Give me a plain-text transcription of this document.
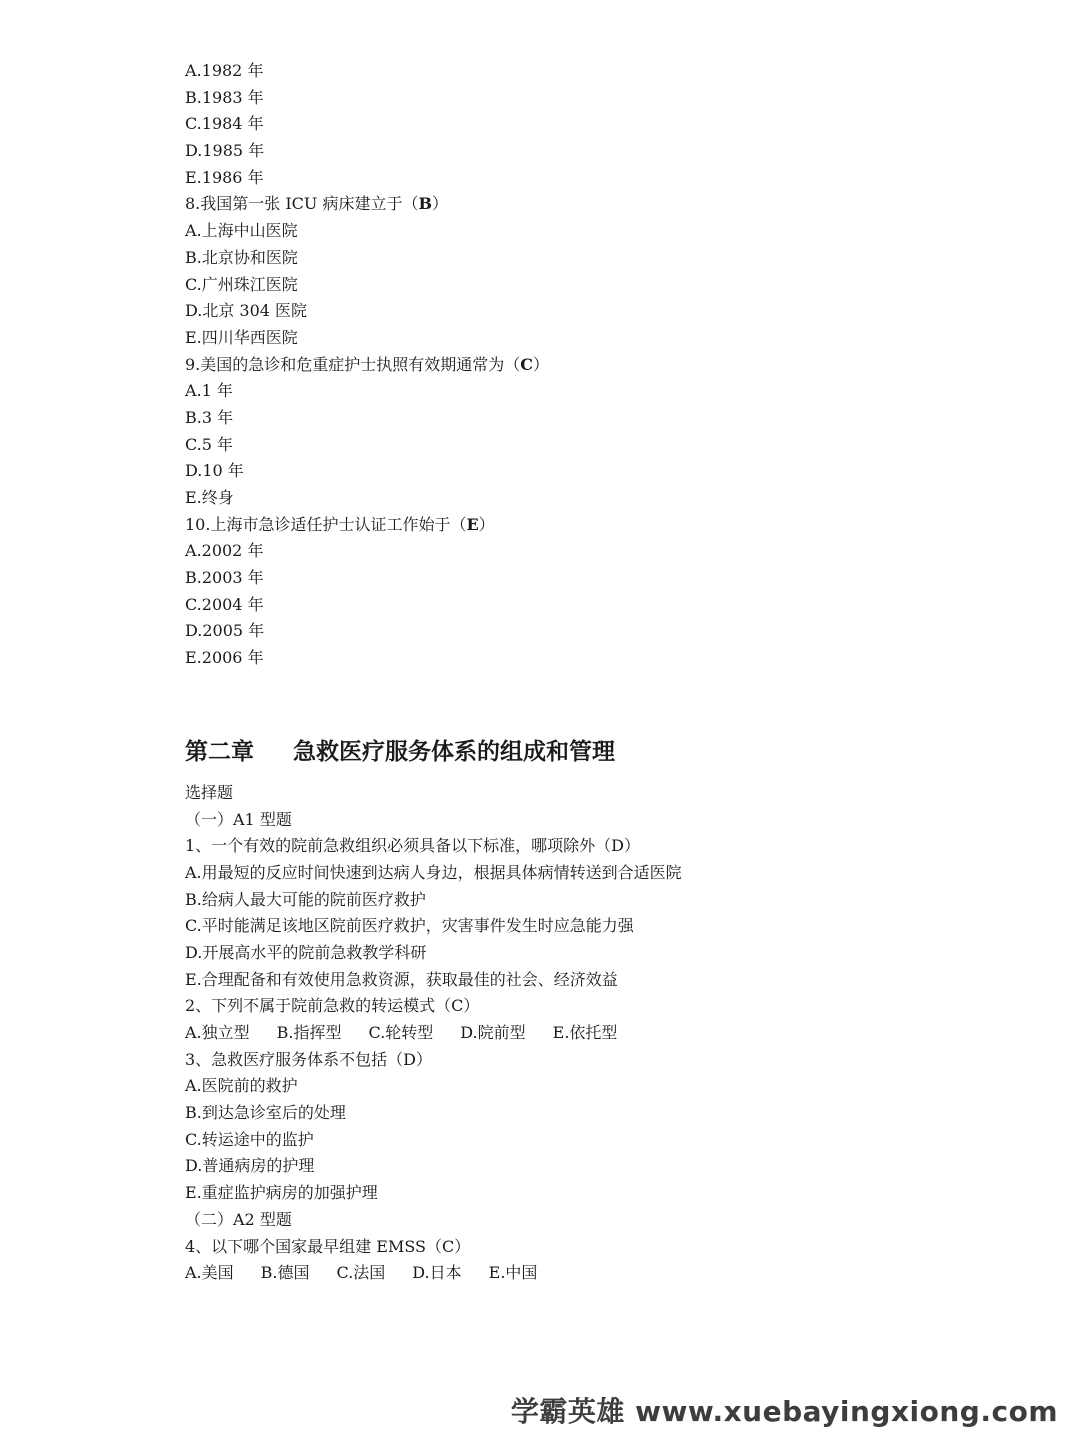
A.1982 年
B.1983 年
C.1984 年
D.1985 年
E.1986 年
8.我国第一张 ICU 病床建立于（B）
A.上海中山医院
B.北京协和医院
C.广州珠江医院
D.北京 304 医院
E.四川华西医院
9.美国的急诊和危重症护士执照有效期通常为（C）
A.1 年
B.3 年
C.5 年
D.10 年
E.终身
10.上海市急诊适任护士认证工作始于（E）
A.2002 年
B.2003 年
C.2004 年
D.2005 年
E.2006 年
第二章 急救医疗服务体系的组成和管理
选择题
（一）A1 型题
1、一个有效的院前急救组织必须具备以下标准，哪项除外（D）
A.用最短的反应时间快速到达病人身边，根据具体病情转送到合适医院
B.给病人最大可能的院前医疗救护
C.平时能满足该地区院前医疗救护，灾害事件发生时应急能力强
D.开展高水平的院前急救教学科研
E.合理配备和有效使用急救资源，获取最佳的社会、经济效益
2、下列不属于院前急救的转运模式（C）
A.独立型 B.指挥型 C.轮转型 D.院前型 E.依托型
3、急救医疗服务体系不包括（D）
A.医院前的救护
B.到达急诊室后的处理
C.转运途中的监护
D.普通病房的护理
E.重症监护病房的加强护理
（二）A2 型题
4、以下哪个国家最早组建 EMSS（C）
A.美国 B.德国 C.法国 D.日本 E.中国
学霸英雄 www.xuebayingxiong.com
